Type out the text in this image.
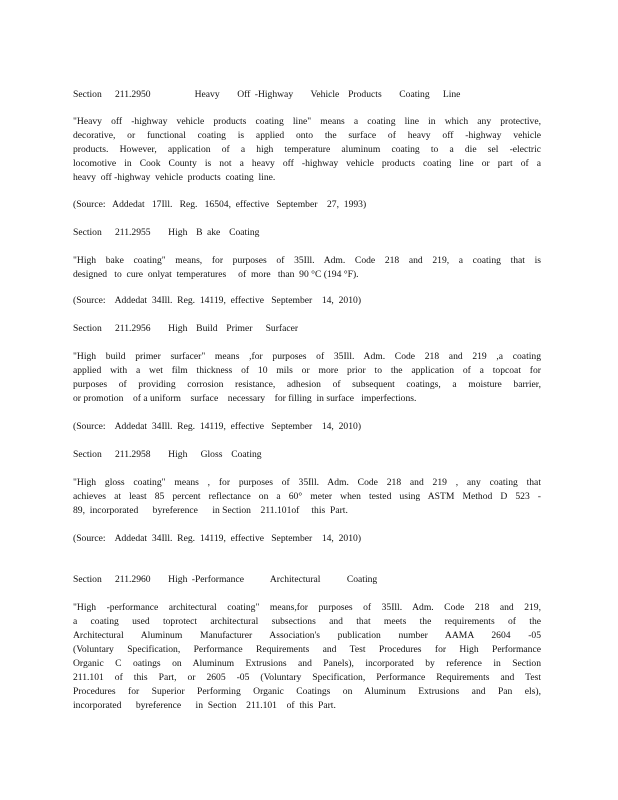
Section   211.2950          Heavy    Off -Highway    Vehicle  Products    Coating   Line
"Heavy off -highway vehicle products coating line" means a coating line in which any protective,
decorative, or functional coating is applied onto the surface of heavy off -highway vehicle
products. However, application of a high temperature aluminum coating to a die sel -electric
locomotive in Cook County is not a heavy off -highway vehicle products coating line or part of a
heavy  off -highway  vehicle  products  coating  line.
(Source:   Addedat   17Ill.   Reg.   16504,  effective   September    27,  1993)
Section   211.2955    High  B ake  Coating
"High bake coating" means, for purposes of 35Ill. Adm. Code 218 and 219, a coating that is
designed   to  cure  onlyat  temperatures     of  more   than  90 °C (194 °F).
(Source:    Addedat  34Ill.  Reg.  14119,  effective   September    14,  2010)
Section   211.2956    High  Build  Primer   Surfacer
"High build primer surfacer" means ,for purposes of 35Ill. Adm. Code 218 and 219 ,a coating
applied with a wet film thickness of 10 mils or more prior to the application of a topcoat for
purposes of providing corrosion resistance, adhesion of subsequent coatings, a moisture barrier,
or promotion    of a uniform    surface    necessary    for filling  in surface   imperfections.
(Source:    Addedat  34Ill.  Reg.  14119,  effective   September    14,  2010)
Section   211.2958    High   Gloss  Coating
"High gloss coating" means , for purposes of 35Ill. Adm. Code 218 and 219 , any coating that
achieves at least 85 percent reflectance on a 60° meter when tested using ASTM Method D 523 -
89,  incorporated      byreference      in Section    211.101of     this  Part.
(Source:    Addedat  34Ill.  Reg.  14119,  effective   September    14,  2010)
Section   211.2960    High -Performance      Architectural      Coating
"High -performance architectural coating" means,for purposes of 35Ill. Adm. Code 218 and 219,
a coating used toprotect architectural subsections and that meets the requirements of the
Architectural Aluminum Manufacturer Association's publication number AAMA 2604 -05
(Voluntary Specification, Performance Requirements and Test Procedures for High Performance
Organic C oatings on Aluminum Extrusions and Panels), incorporated by reference in Section
211.101 of this Part, or 2605 -05 (Voluntary Specification, Performance Requirements and Test
Procedures for Superior Performing Organic Coatings on Aluminum Extrusions and Pan els),
incorporated      byreference      in  Section    211.101    of  this  Part.
